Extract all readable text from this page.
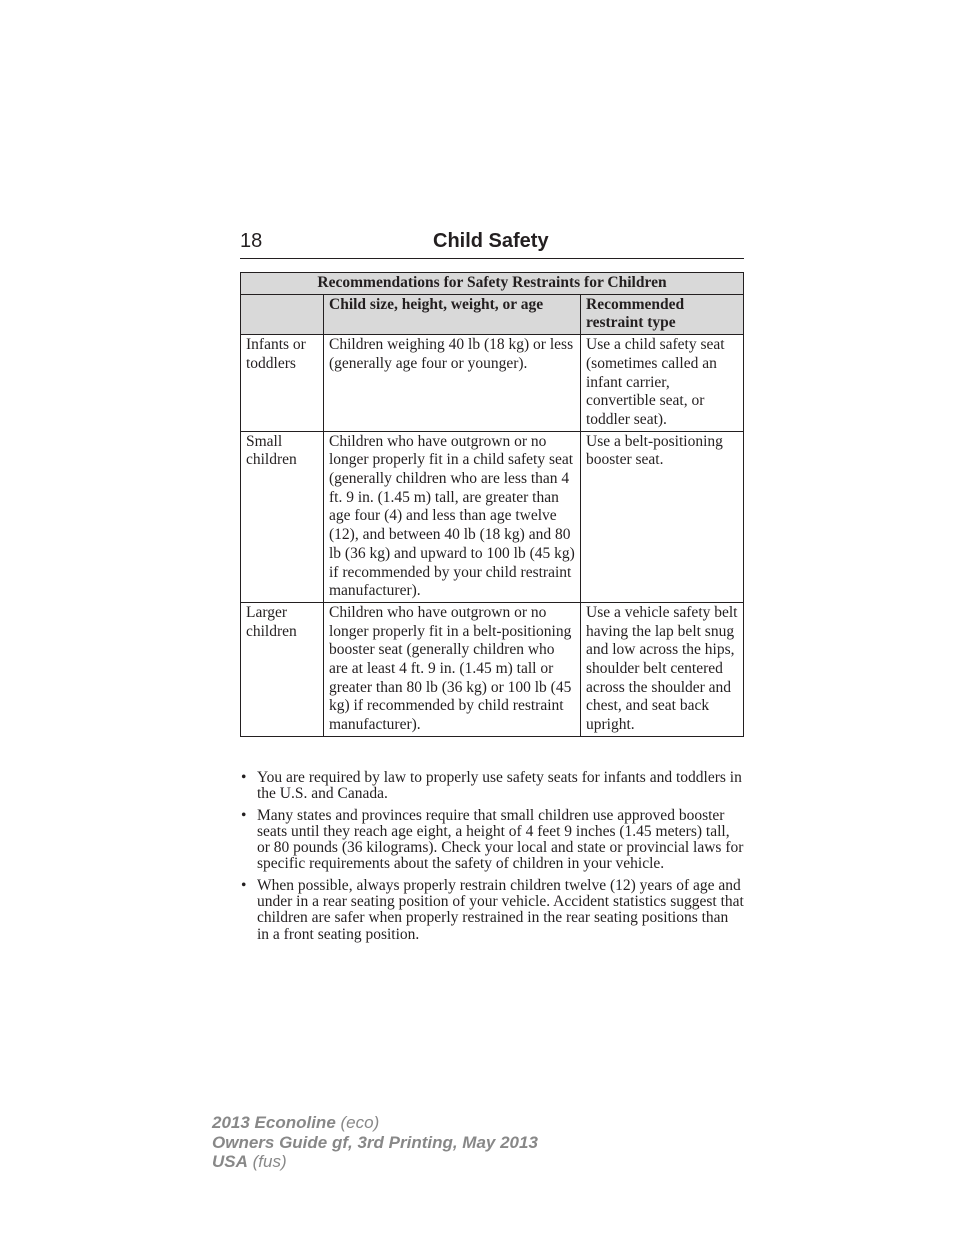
18	Child Safety
Recommendations for Safety Restraints for Children		
	Child size, height, weight, or age	Recommended restraint type
Infants or toddlers	Children weighing 40 lb (18 kg) or less (generally age four or younger).	Use a child safety seat (sometimes called an infant carrier, convertible seat, or toddler seat).
Small children	Children who have outgrown or no longer properly fit in a child safety seat (generally children who are less than 4 ft. 9 in. (1.45 m) tall, are greater than age four (4) and less than age twelve (12), and between 40 lb (18 kg) and 80 lb (36 kg) and upward to 100 lb (45 kg) if recommended by your child restraint manufacturer).	Use a belt-positioning booster seat.
Larger children	Children who have outgrown or no longer properly fit in a belt-positioning booster seat (generally children who are at least 4 ft. 9 in. (1.45 m) tall or greater than 80 lb (36 kg) or 100 lb (45 kg) if recommended by child restraint manufacturer).	Use a vehicle safety belt having the lap belt snug and low across the hips, shoulder belt centered across the shoulder and chest, and seat back upright.
• You are required by law to properly use safety seats for infants and toddlers in the U.S. and Canada.
• Many states and provinces require that small children use approved booster seats until they reach age eight, a height of 4 feet 9 inches (1.45 meters) tall, or 80 pounds (36 kilograms). Check your local and state or provincial laws for specific requirements about the safety of children in your vehicle.
• When possible, always properly restrain children twelve (12) years of age and under in a rear seating position of your vehicle. Accident statistics suggest that children are safer when properly restrained in the rear seating positions than in a front seating position.
2013 Econoline (eco)
Owners Guide gf, 3rd Printing, May 2013
USA (fus)
